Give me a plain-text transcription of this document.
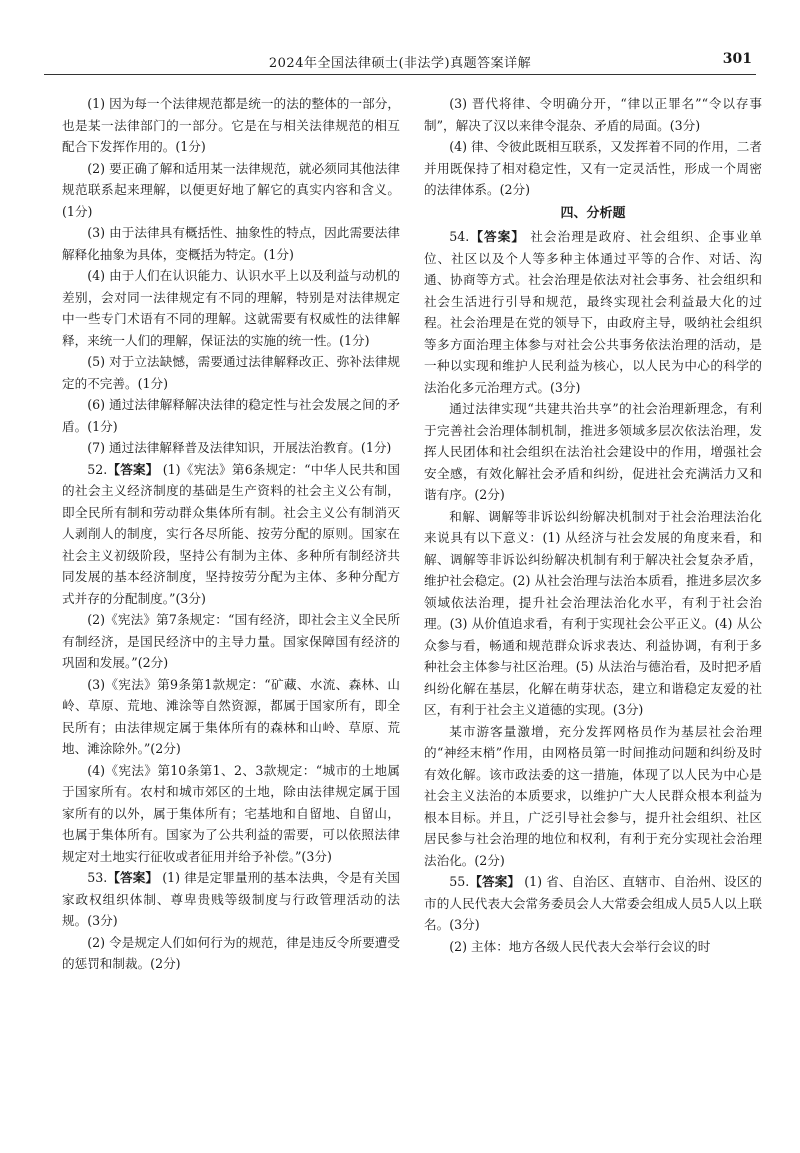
2024年全国法律硕士(非法学)真题答案详解	301

(1) 因为每一个法律规范都是统一的法的整体的一部分，也是某一法律部门的一部分。它是在与相关法律规范的相互配合下发挥作用的。(1分)

(2) 要正确了解和适用某一法律规范，就必须同其他法律规范联系起来理解，以便更好地了解它的真实内容和含义。(1分)

(3) 由于法律具有概括性、抽象性的特点，因此需要法律解释化抽象为具体，变概括为特定。(1分)

(4) 由于人们在认识能力、认识水平上以及利益与动机的差别，会对同一法律规定有不同的理解，特别是对法律规定中一些专门术语有不同的理解。这就需要有权威性的法律解释，来统一人们的理解，保证法的实施的统一性。(1分)

(5) 对于立法缺憾，需要通过法律解释改正、弥补法律规定的不完善。(1分)

(6) 通过法律解释解决法律的稳定性与社会发展之间的矛盾。(1分)

(7) 通过法律解释普及法律知识，开展法治教育。(1分)

52.【答案】 (1)《宪法》第6条规定：“中华人民共和国的社会主义经济制度的基础是生产资料的社会主义公有制，即全民所有制和劳动群众集体所有制。社会主义公有制消灭人剥削人的制度，实行各尽所能、按劳分配的原则。国家在社会主义初级阶段，坚持公有制为主体、多种所有制经济共同发展的基本经济制度，坚持按劳分配为主体、多种分配方式并存的分配制度。”(3分)

(2)《宪法》第7条规定：“国有经济，即社会主义全民所有制经济，是国民经济中的主导力量。国家保障国有经济的巩固和发展。”(2分)

(3)《宪法》第9条第1款规定：“矿藏、水流、森林、山岭、草原、荒地、滩涂等自然资源，都属于国家所有，即全民所有；由法律规定属于集体所有的森林和山岭、草原、荒地、滩涂除外。”(2分)

(4)《宪法》第10条第1、2、3款规定：“城市的土地属于国家所有。农村和城市郊区的土地，除由法律规定属于国家所有的以外，属于集体所有；宅基地和自留地、自留山，也属于集体所有。国家为了公共利益的需要，可以依照法律规定对土地实行征收或者征用并给予补偿。”(3分)

53.【答案】 (1) 律是定罪量刑的基本法典，令是有关国家政权组织体制、尊卑贵贱等级制度与行政管理活动的法规。(3分)

(2) 令是规定人们如何行为的规范，律是违反令所要遭受的惩罚和制裁。(2分)

(3) 晋代将律、令明确分开，“律以正罪名”“令以存事制”，解决了汉以来律令混杂、矛盾的局面。(3分)

(4) 律、令彼此既相互联系，又发挥着不同的作用，二者并用既保持了相对稳定性，又有一定灵活性，形成一个周密的法律体系。(2分)

四、分析题

54.【答案】 社会治理是政府、社会组织、企事业单位、社区以及个人等多种主体通过平等的合作、对话、沟通、协商等方式。社会治理是依法对社会事务、社会组织和社会生活进行引导和规范，最终实现社会利益最大化的过程。社会治理是在党的领导下，由政府主导，吸纳社会组织等多方面治理主体参与对社会公共事务依法治理的活动，是一种以实现和维护人民利益为核心，以人民为中心的科学的法治化多元治理方式。(3分)

通过法律实现“共建共治共享”的社会治理新理念，有利于完善社会治理体制机制，推进多领域多层次依法治理，发挥人民团体和社会组织在法治社会建设中的作用，增强社会安全感，有效化解社会矛盾和纠纷，促进社会充满活力又和谐有序。(2分)

和解、调解等非诉讼纠纷解决机制对于社会治理法治化来说具有以下意义：(1) 从经济与社会发展的角度来看，和解、调解等非诉讼纠纷解决机制有利于解决社会复杂矛盾，维护社会稳定。(2) 从社会治理与法治本质看，推进多层次多领域依法治理，提升社会治理法治化水平，有利于社会治理。(3) 从价值追求看，有利于实现社会公平正义。(4) 从公众参与看，畅通和规范群众诉求表达、利益协调，有利于多种社会主体参与社区治理。(5) 从法治与德治看，及时把矛盾纠纷化解在基层，化解在萌芽状态，建立和谐稳定友爱的社区，有利于社会主义道德的实现。(3分)

某市游客量激增，充分发挥网格员作为基层社会治理的“神经末梢”作用，由网格员第一时间推动问题和纠纷及时有效化解。该市政法委的这一措施，体现了以人民为中心是社会主义法治的本质要求，以维护广大人民群众根本利益为根本目标。并且，广泛引导社会参与，提升社会组织、社区居民参与社会治理的地位和权利，有利于充分实现社会治理法治化。(2分)

55.【答案】 (1) 省、自治区、直辖市、自治州、设区的市的人民代表大会常务委员会人大常委会组成人员5人以上联名。(3分)

(2) 主体：地方各级人民代表大会举行会议的时
